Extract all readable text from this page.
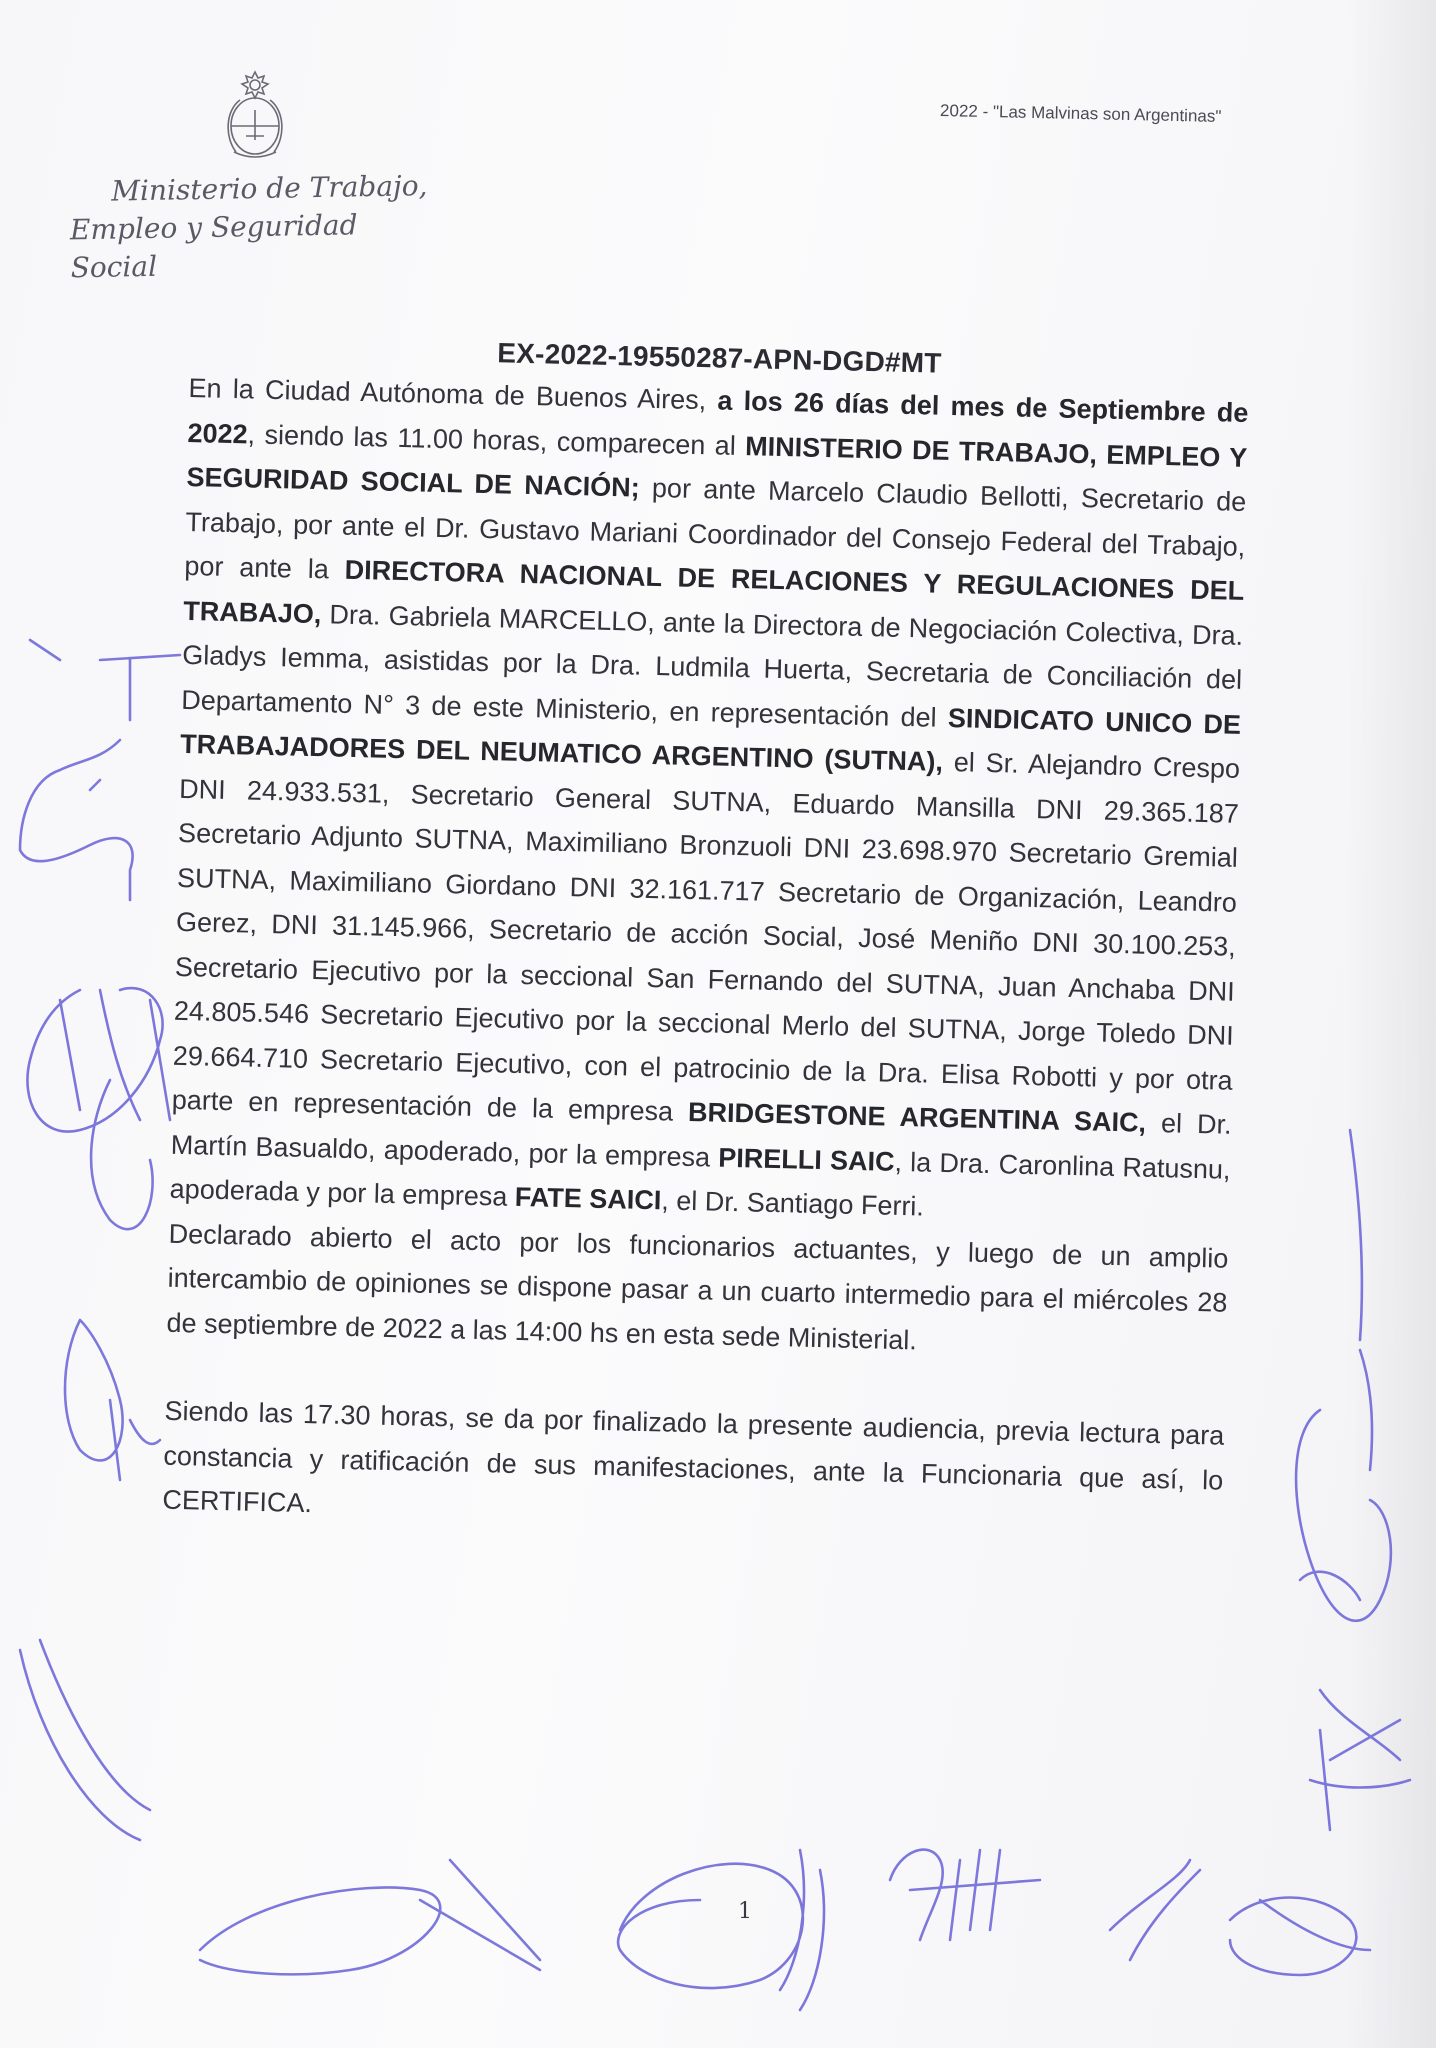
Ministerio de Trabajo,
Empleo y Seguridad Social
2022 - "Las Malvinas son Argentinas"
EX-2022-19550287-APN-DGD#MT

En la Ciudad Autónoma de Buenos Aires, a los 26 días del mes de Septiembre de 2022, siendo las 11.00 horas, comparecen al MINISTERIO DE TRABAJO, EMPLEO Y SEGURIDAD SOCIAL DE NACIÓN; por ante Marcelo Claudio Bellotti, Secretario de Trabajo, por ante el Dr. Gustavo Mariani Coordinador del Consejo Federal del Trabajo, por ante la DIRECTORA NACIONAL DE RELACIONES Y REGULACIONES DEL TRABAJO, Dra. Gabriela MARCELLO, ante la Directora de Negociación Colectiva, Dra. Gladys Iemma, asistidas por la Dra. Ludmila Huerta, Secretaria de Conciliación del Departamento N° 3 de este Ministerio, en representación del SINDICATO UNICO DE TRABAJADORES DEL NEUMATICO ARGENTINO (SUTNA), el Sr. Alejandro Crespo DNI 24.933.531, Secretario General SUTNA, Eduardo Mansilla DNI 29.365.187 Secretario Adjunto SUTNA, Maximiliano Bronzuoli DNI 23.698.970 Secretario Gremial SUTNA, Maximiliano Giordano DNI 32.161.717 Secretario de Organización, Leandro Gerez, DNI 31.145.966, Secretario de acción Social, José Meniño DNI 30.100.253, Secretario Ejecutivo por la seccional San Fernando del SUTNA, Juan Anchaba DNI 24.805.546 Secretario Ejecutivo por la seccional Merlo del SUTNA, Jorge Toledo DNI 29.664.710 Secretario Ejecutivo, con el patrocinio de la Dra. Elisa Robotti y por otra parte en representación de la empresa BRIDGESTONE ARGENTINA SAIC, el Dr. Martín Basualdo, apoderado, por la empresa PIRELLI SAIC, la Dra. Caronlina Ratusnu, apoderada y por la empresa FATE SAICI, el Dr. Santiago Ferri.

Declarado abierto el acto por los funcionarios actuantes, y luego de un amplio intercambio de opiniones se dispone pasar a un cuarto intermedio para el miércoles 28 de septiembre de 2022 a las 14:00 hs en esta sede Ministerial.

Siendo las 17.30 horas, se da por finalizado la presente audiencia, previa lectura para constancia y ratificación de sus manifestaciones, ante la Funcionaria que así, lo CERTIFICA.

1
